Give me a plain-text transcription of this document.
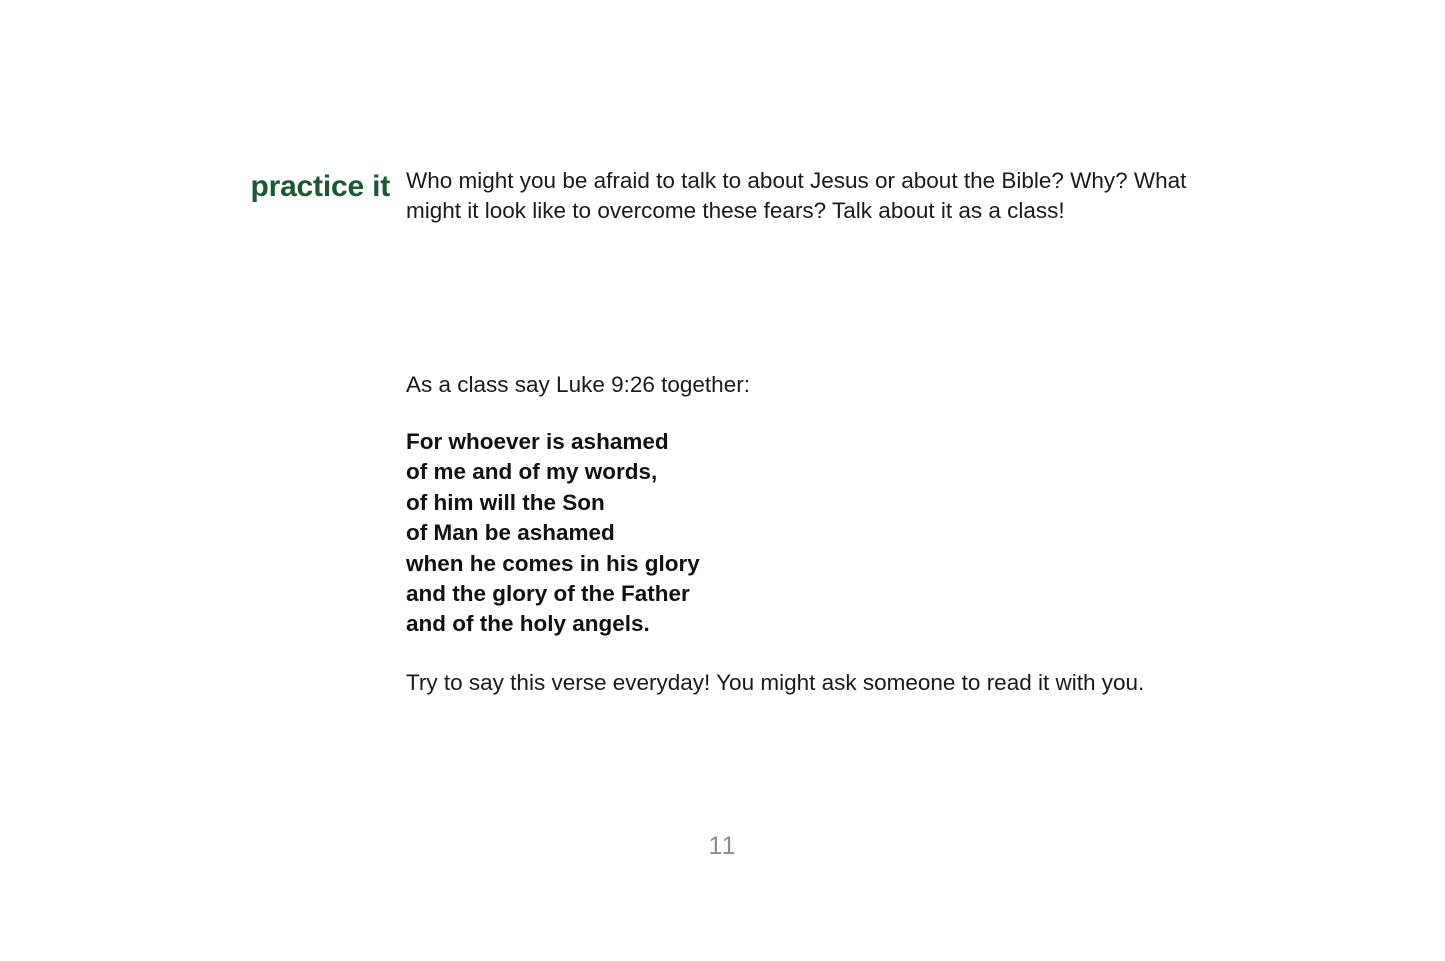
practice it Who might you be afraid to talk to about Jesus or about the Bible? Why? What might it look like to overcome these fears? Talk about it as a class!

As a class say Luke 9:26 together:

For whoever is ashamed
of me and of my words,
of him will the Son
of Man be ashamed
when he comes in his glory
and the glory of the Father
and of the holy angels.

Try to say this verse everyday! You might ask someone to read it with you.

11
